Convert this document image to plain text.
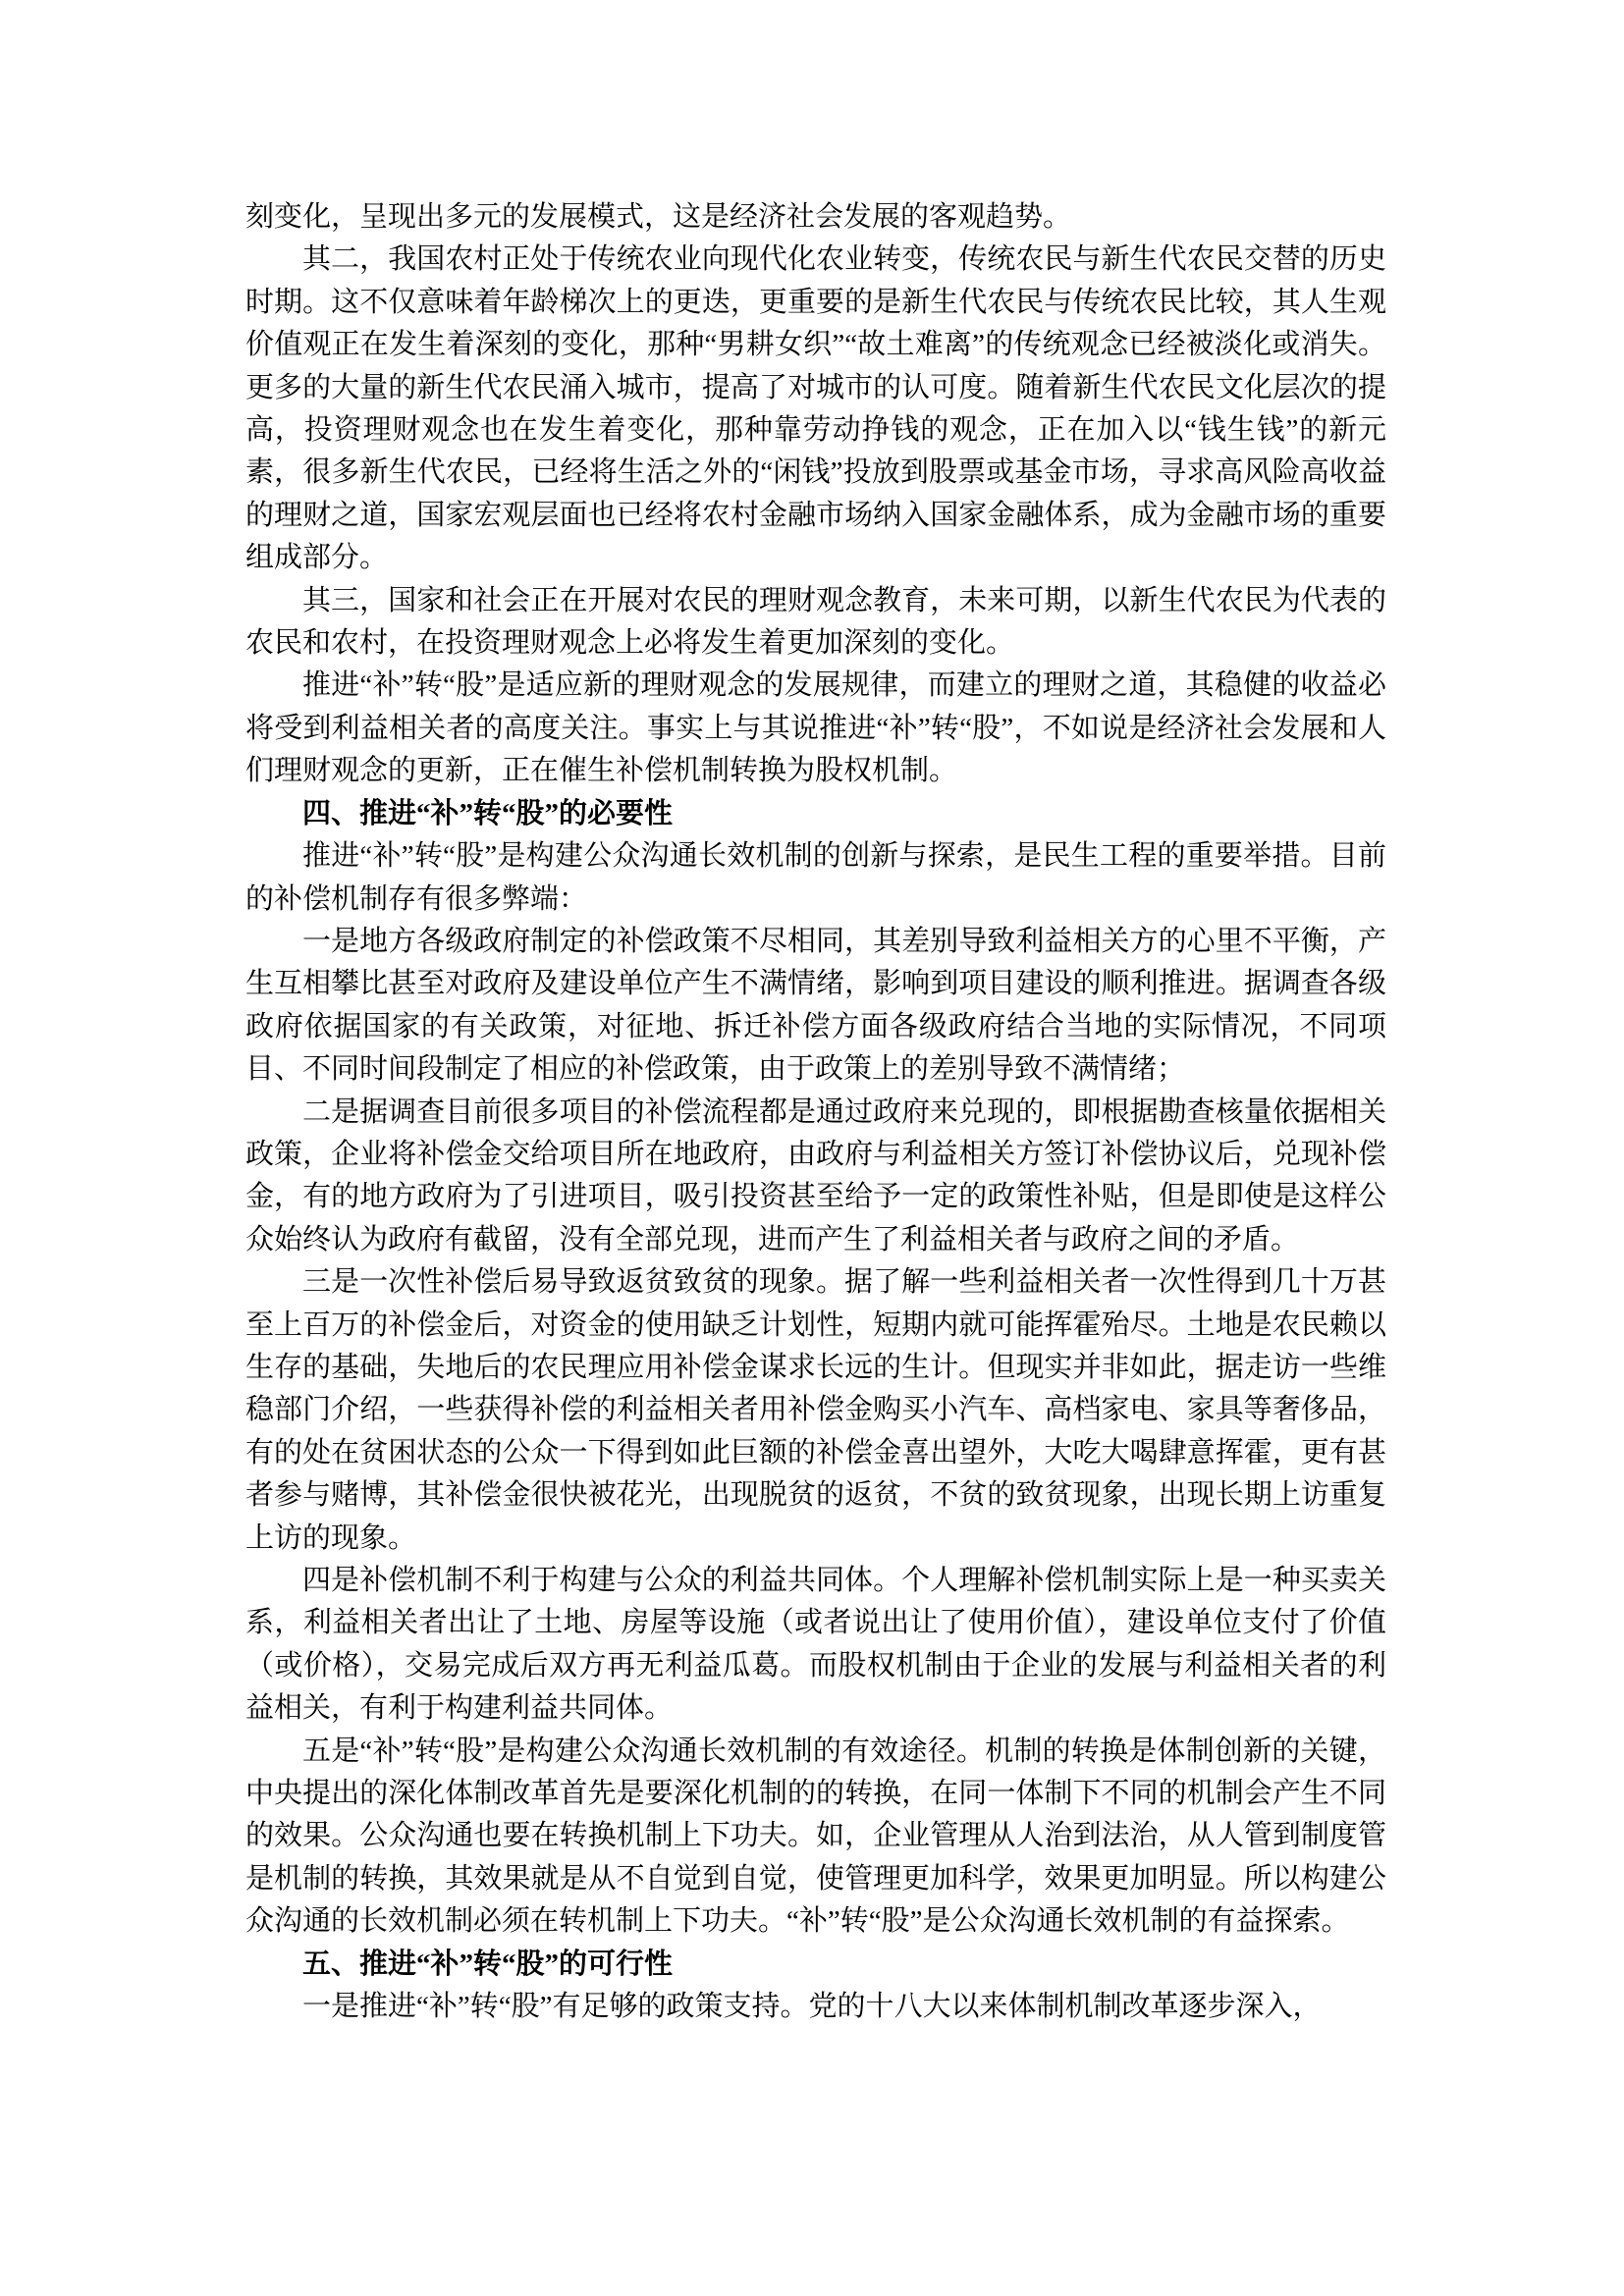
刻变化，呈现出多元的发展模式，这是经济社会发展的客观趋势。

其二，我国农村正处于传统农业向现代化农业转变，传统农民与新生代农民交替的历史时期。这不仅意味着年龄梯次上的更迭，更重要的是新生代农民与传统农民比较，其人生观价值观正在发生着深刻的变化，那种“男耕女织”“故土难离”的传统观念已经被淡化或消失。更多的大量的新生代农民涌入城市，提高了对城市的认可度。随着新生代农民文化层次的提高，投资理财观念也在发生着变化，那种靠劳动挣钱的观念，正在加入以“钱生钱”的新元素，很多新生代农民，已经将生活之外的“闲钱”投放到股票或基金市场，寻求高风险高收益的理财之道，国家宏观层面也已经将农村金融市场纳入国家金融体系，成为金融市场的重要组成部分。

其三，国家和社会正在开展对农民的理财观念教育，未来可期，以新生代农民为代表的农民和农村，在投资理财观念上必将发生着更加深刻的变化。

推进“补”转“股”是适应新的理财观念的发展规律，而建立的理财之道，其稳健的收益必将受到利益相关者的高度关注。事实上与其说推进“补”转“股”，不如说是经济社会发展和人们理财观念的更新，正在催生补偿机制转换为股权机制。

四、推进“补”转“股”的必要性

推进“补”转“股”是构建公众沟通长效机制的创新与探索，是民生工程的重要举措。目前的补偿机制存有很多弊端：

一是地方各级政府制定的补偿政策不尽相同，其差别导致利益相关方的心里不平衡，产生互相攀比甚至对政府及建设单位产生不满情绪，影响到项目建设的顺利推进。据调查各级政府依据国家的有关政策，对征地、拆迁补偿方面各级政府结合当地的实际情况，不同项目、不同时间段制定了相应的补偿政策，由于政策上的差别导致不满情绪；

二是据调查目前很多项目的补偿流程都是通过政府来兑现的，即根据勘查核量依据相关政策，企业将补偿金交给项目所在地政府，由政府与利益相关方签订补偿协议后，兑现补偿金，有的地方政府为了引进项目，吸引投资甚至给予一定的政策性补贴，但是即使是这样公众始终认为政府有截留，没有全部兑现，进而产生了利益相关者与政府之间的矛盾。

三是一次性补偿后易导致返贫致贫的现象。据了解一些利益相关者一次性得到几十万甚至上百万的补偿金后，对资金的使用缺乏计划性，短期内就可能挥霍殆尽。土地是农民赖以生存的基础，失地后的农民理应用补偿金谋求长远的生计。但现实并非如此，据走访一些维稳部门介绍，一些获得补偿的利益相关者用补偿金购买小汽车、高档家电、家具等奢侈品，有的处在贫困状态的公众一下得到如此巨额的补偿金喜出望外，大吃大喝肆意挥霍，更有甚者参与赌博，其补偿金很快被花光，出现脱贫的返贫，不贫的致贫现象，出现长期上访重复上访的现象。

四是补偿机制不利于构建与公众的利益共同体。个人理解补偿机制实际上是一种买卖关系，利益相关者出让了土地、房屋等设施（或者说出让了使用价值），建设单位支付了价值（或价格），交易完成后双方再无利益瓜葛。而股权机制由于企业的发展与利益相关者的利益相关，有利于构建利益共同体。

五是“补”转“股”是构建公众沟通长效机制的有效途径。机制的转换是体制创新的关键，中央提出的深化体制改革首先是要深化机制的的转换，在同一体制下不同的机制会产生不同的效果。公众沟通也要在转换机制上下功夫。如，企业管理从人治到法治，从人管到制度管是机制的转换，其效果就是从不自觉到自觉，使管理更加科学，效果更加明显。所以构建公众沟通的长效机制必须在转机制上下功夫。“补”转“股”是公众沟通长效机制的有益探索。

五、推进“补”转“股”的可行性

一是推进“补”转“股”有足够的政策支持。党的十八大以来体制机制改革逐步深入，
